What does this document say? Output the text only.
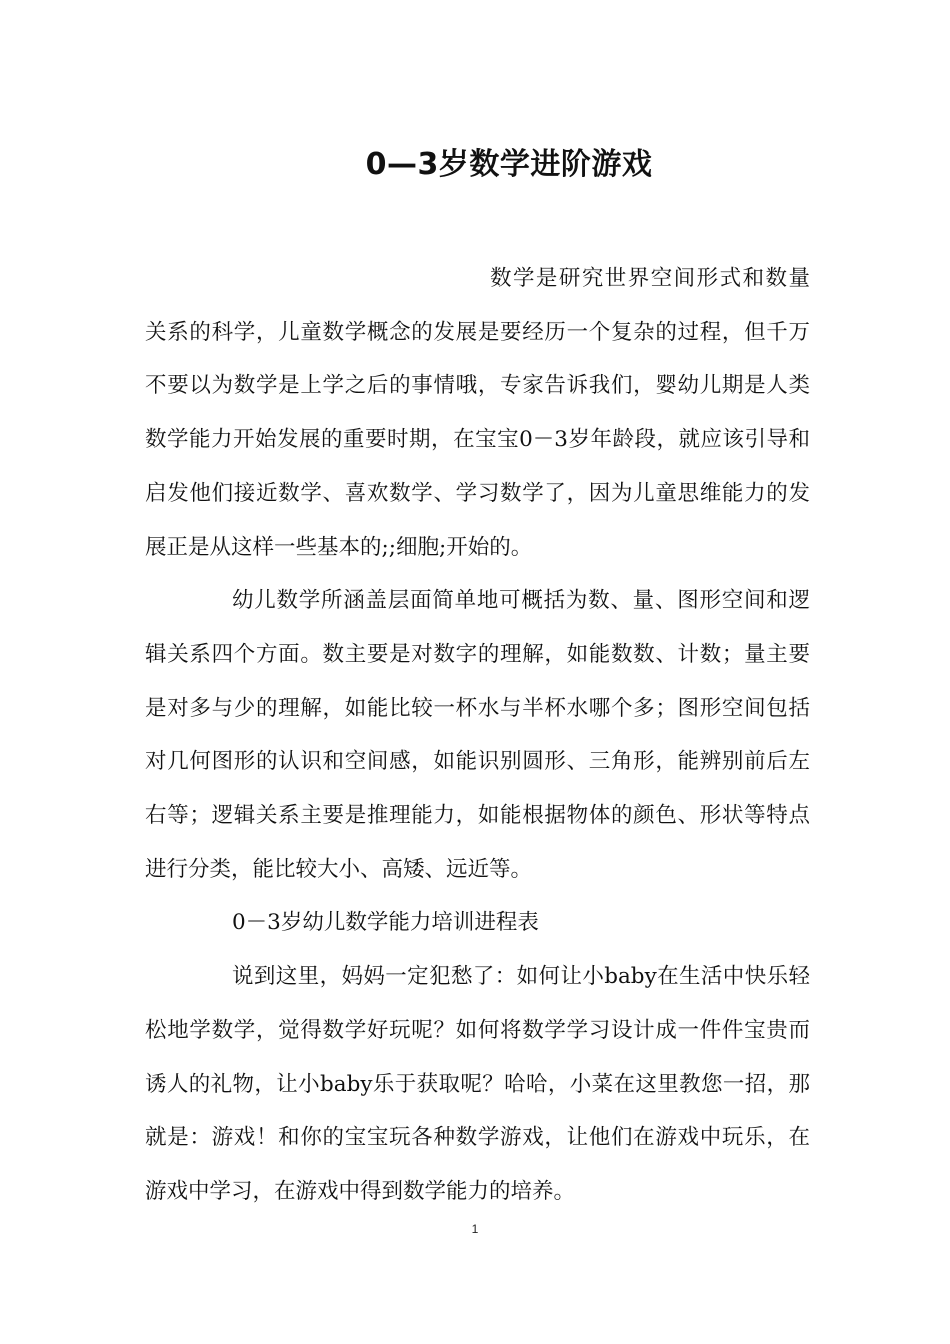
0—3岁数学进阶游戏

数学是研究世界空间形式和数量关系的科学，儿童数学概念的发展是要经历一个复杂的过程，但千万不要以为数学是上学之后的事情哦，专家告诉我们，婴幼儿期是人类数学能力开始发展的重要时期，在宝宝0－3岁年龄段，就应该引导和启发他们接近数学、喜欢数学、学习数学了，因为儿童思维能力的发展正是从这样一些基本的;;细胞;开始的。

幼儿数学所涵盖层面简单地可概括为数、量、图形空间和逻辑关系四个方面。数主要是对数字的理解，如能数数、计数；量主要是对多与少的理解，如能比较一杯水与半杯水哪个多；图形空间包括对几何图形的认识和空间感，如能识别圆形、三角形，能辨别前后左右等；逻辑关系主要是推理能力，如能根据物体的颜色、形状等特点进行分类，能比较大小、高矮、远近等。

0－3岁幼儿数学能力培训进程表

说到这里，妈妈一定犯愁了：如何让小baby在生活中快乐轻松地学数学，觉得数学好玩呢？如何将数学学习设计成一件件宝贵而诱人的礼物，让小baby乐于获取呢？哈哈，小菜在这里教您一招，那就是：游戏！和你的宝宝玩各种数学游戏，让他们在游戏中玩乐，在游戏中学习，在游戏中得到数学能力的培养。

1
